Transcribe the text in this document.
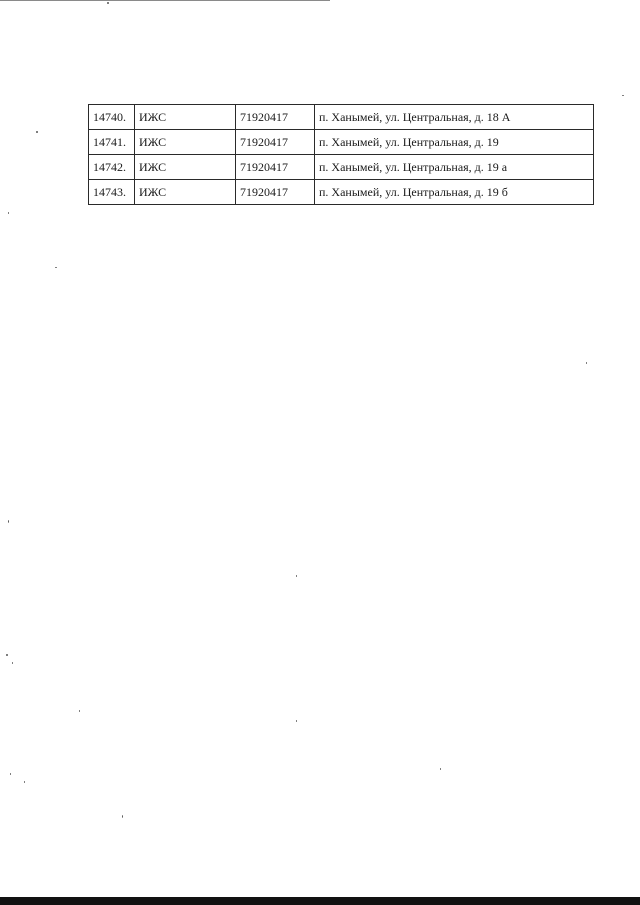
14740.	ИЖС	71920417	п. Ханымей, ул. Центральная, д. 18 А
14741.	ИЖС	71920417	п. Ханымей, ул. Центральная, д. 19
14742.	ИЖС	71920417	п. Ханымей, ул. Центральная, д. 19 а
14743.	ИЖС	71920417	п. Ханымей, ул. Центральная, д. 19 б
